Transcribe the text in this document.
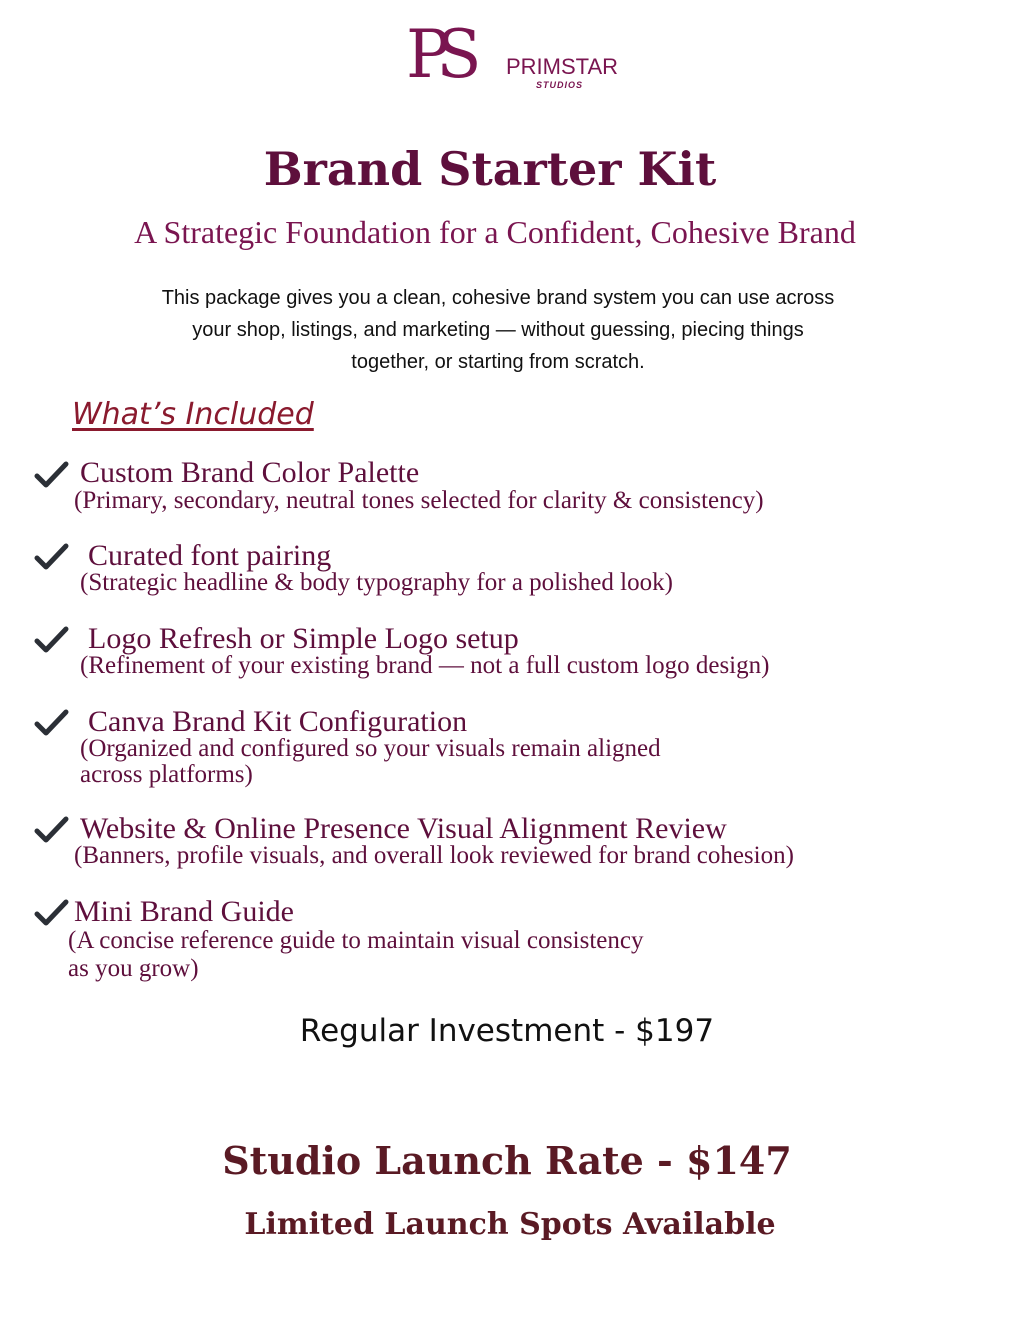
PS PRIMSTAR
STUDIOS
Brand Starter Kit
A Strategic Foundation for a Confident, Cohesive Brand
This package gives you a clean, cohesive brand system you can use across
your shop, listings, and marketing — without guessing, piecing things
together, or starting from scratch.
What’s Included
Custom Brand Color Palette
(Primary, secondary, neutral tones selected for clarity & consistency)
Curated font pairing
(Strategic headline & body typography for a polished look)
Logo Refresh or Simple Logo setup
(Refinement of your existing brand — not a full custom logo design)
Canva Brand Kit Configuration
(Organized and configured so your visuals remain aligned
across platforms)
Website & Online Presence Visual Alignment Review
(Banners, profile visuals, and overall look reviewed for brand cohesion)
Mini Brand Guide
(A concise reference guide to maintain visual consistency
as you grow)
Regular Investment - $197
Studio Launch Rate - $147
Limited Launch Spots Available
